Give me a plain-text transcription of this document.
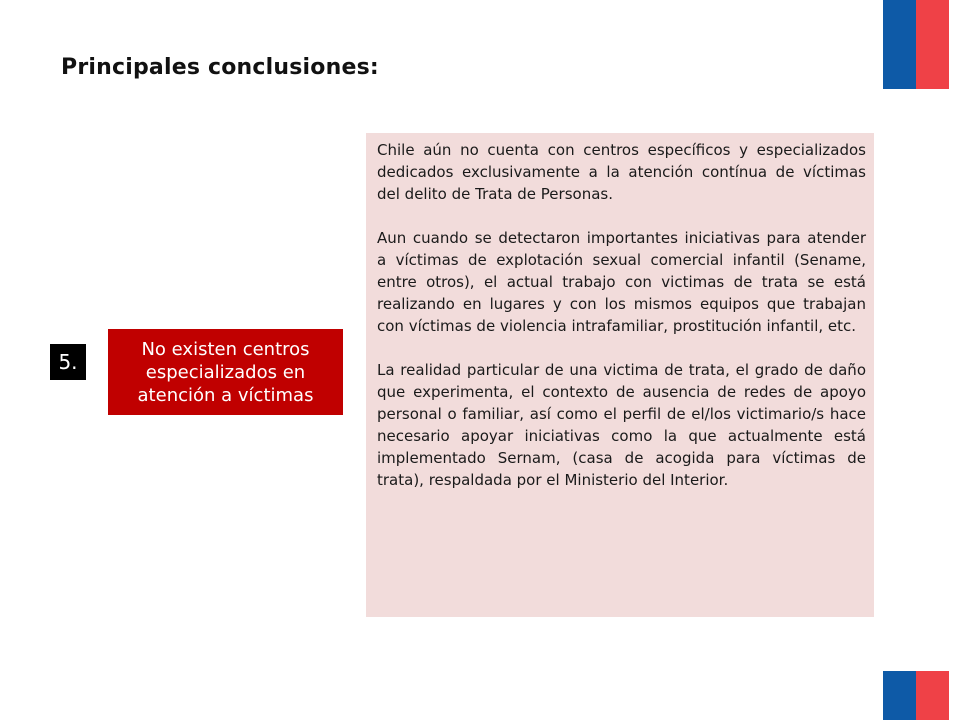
Principales conclusiones:
5.
No existen centros especializados en atención a víctimas

Chile aún no cuenta con centros específicos y especializados dedicados exclusivamente a la atención contínua de víctimas del delito de Trata de Personas.

Aun cuando se detectaron importantes iniciativas para atender a víctimas de explotación sexual comercial infantil (Sename, entre otros), el actual trabajo con victimas de trata se está realizando en lugares y con los mismos equipos que trabajan con víctimas de violencia intrafamiliar, prostitución infantil, etc.

La realidad particular de una victima de trata, el grado de daño que experimenta, el contexto de ausencia de redes de apoyo personal o familiar, así como el perfil de el/los victimario/s hace necesario apoyar iniciativas como la que actualmente está implementado Sernam, (casa de acogida para víctimas de trata), respaldada por el Ministerio del Interior.
